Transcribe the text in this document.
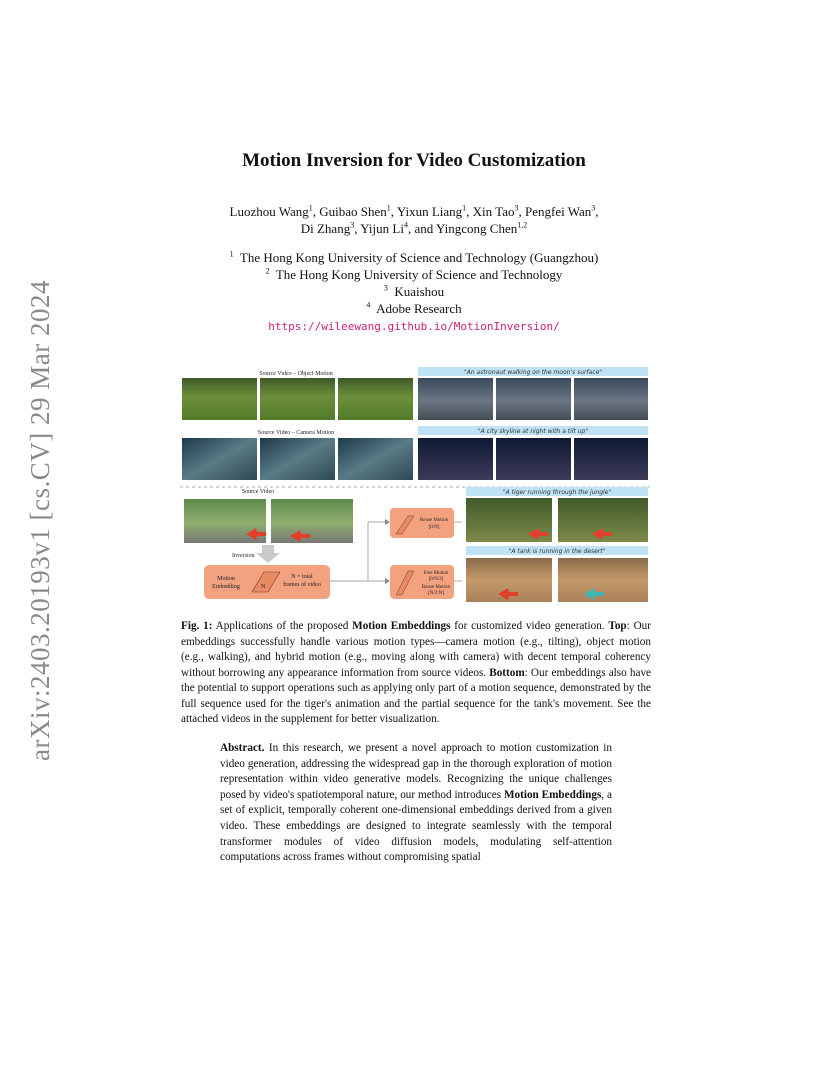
arXiv:2403.20193v1 [cs.CV] 29 Mar 2024
Motion Inversion for Video Customization
Luozhou Wang$^1$, Guibao Shen$^1$, Yixun Liang$^1$, Xin Tao$^3$, Pengfei Wan$^3$,
Di Zhang$^3$, Yijun Li$^4$, and Yingcong Chen$^{1,2}$
$^1$ The Hong Kong University of Science and Technology (Guangzhou)
$^2$ The Hong Kong University of Science and Technology
$^3$ Kuaishou
$^4$ Adobe Research
https://wileewang.github.io/MotionInversion/
Source Video – Object Motion	"An astronaut walking on the moon's surface"
Source Video – Camera Motion	"A city skyline at night with a tilt up"
Source Video
Inversion
Motion
Embedding	N
N = total
frames of video
Reuse Motion
[0:N]
Free Motion
[0:N/2]
Reuse Motion
[N/2:N]
"A tiger running through the jungle"
"A tank is running in the desert"
Fig. 1: Applications of the proposed Motion Embeddings for customized video generation. Top: Our embeddings successfully handle various motion types—camera motion (e.g., tilting), object motion (e.g., walking), and hybrid motion (e.g., moving along with camera) with decent temporal coherency without borrowing any appearance information from source videos. Bottom: Our embeddings also have the potential to support operations such as applying only part of a motion sequence, demonstrated by the full sequence used for the tiger's animation and the partial sequence for the tank's movement. See the attached videos in the supplement for better visualization.
Abstract. In this research, we present a novel approach to motion customization in video generation, addressing the widespread gap in the thorough exploration of motion representation within video generative models. Recognizing the unique challenges posed by video's spatiotemporal nature, our method introduces Motion Embeddings, a set of explicit, temporally coherent one-dimensional embeddings derived from a given video. These embeddings are designed to integrate seamlessly with the temporal transformer modules of video diffusion models, modulating self-attention computations across frames without compromising spatial
